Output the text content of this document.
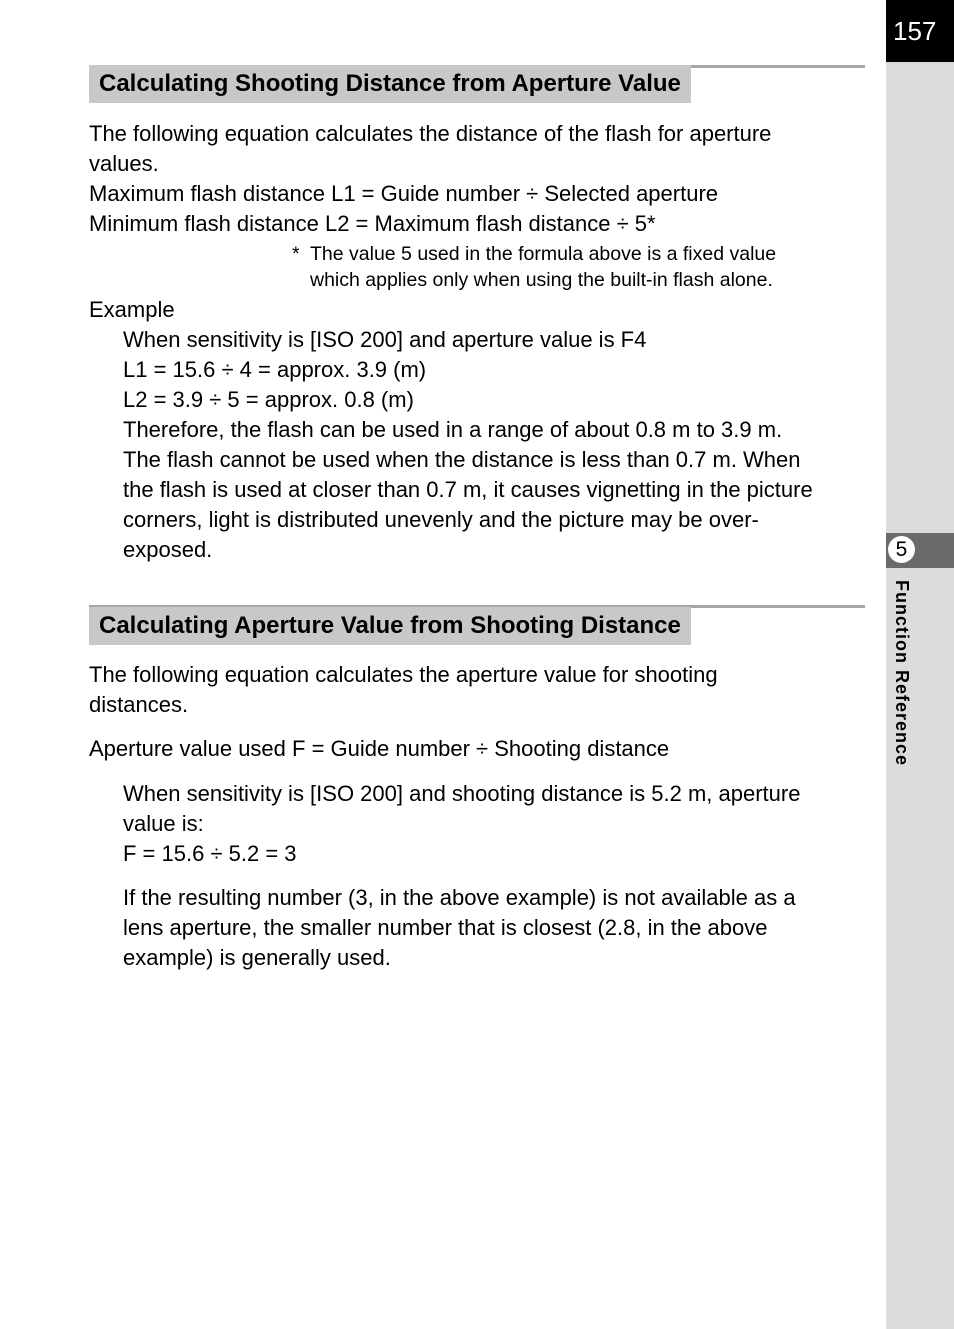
157
5
Function Reference
Calculating Shooting Distance from Aperture Value
The following equation calculates the distance of the flash for aperture
values.
Maximum flash distance L1 = Guide number ÷ Selected aperture
Minimum flash distance L2 = Maximum flash distance ÷ 5*
* The value 5 used in the formula above is a fixed value
which applies only when using the built-in flash alone.
Example
When sensitivity is [ISO 200] and aperture value is F4
L1 = 15.6 ÷ 4 = approx. 3.9 (m)
L2 = 3.9 ÷ 5 = approx. 0.8 (m)
Therefore, the flash can be used in a range of about 0.8 m to 3.9 m.
The flash cannot be used when the distance is less than 0.7 m. When
the flash is used at closer than 0.7 m, it causes vignetting in the picture
corners, light is distributed unevenly and the picture may be over-
exposed.
Calculating Aperture Value from Shooting Distance
The following equation calculates the aperture value for shooting
distances.
Aperture value used F = Guide number ÷ Shooting distance
When sensitivity is [ISO 200] and shooting distance is 5.2 m, aperture
value is:
F = 15.6 ÷ 5.2 = 3
If the resulting number (3, in the above example) is not available as a
lens aperture, the smaller number that is closest (2.8, in the above
example) is generally used.
